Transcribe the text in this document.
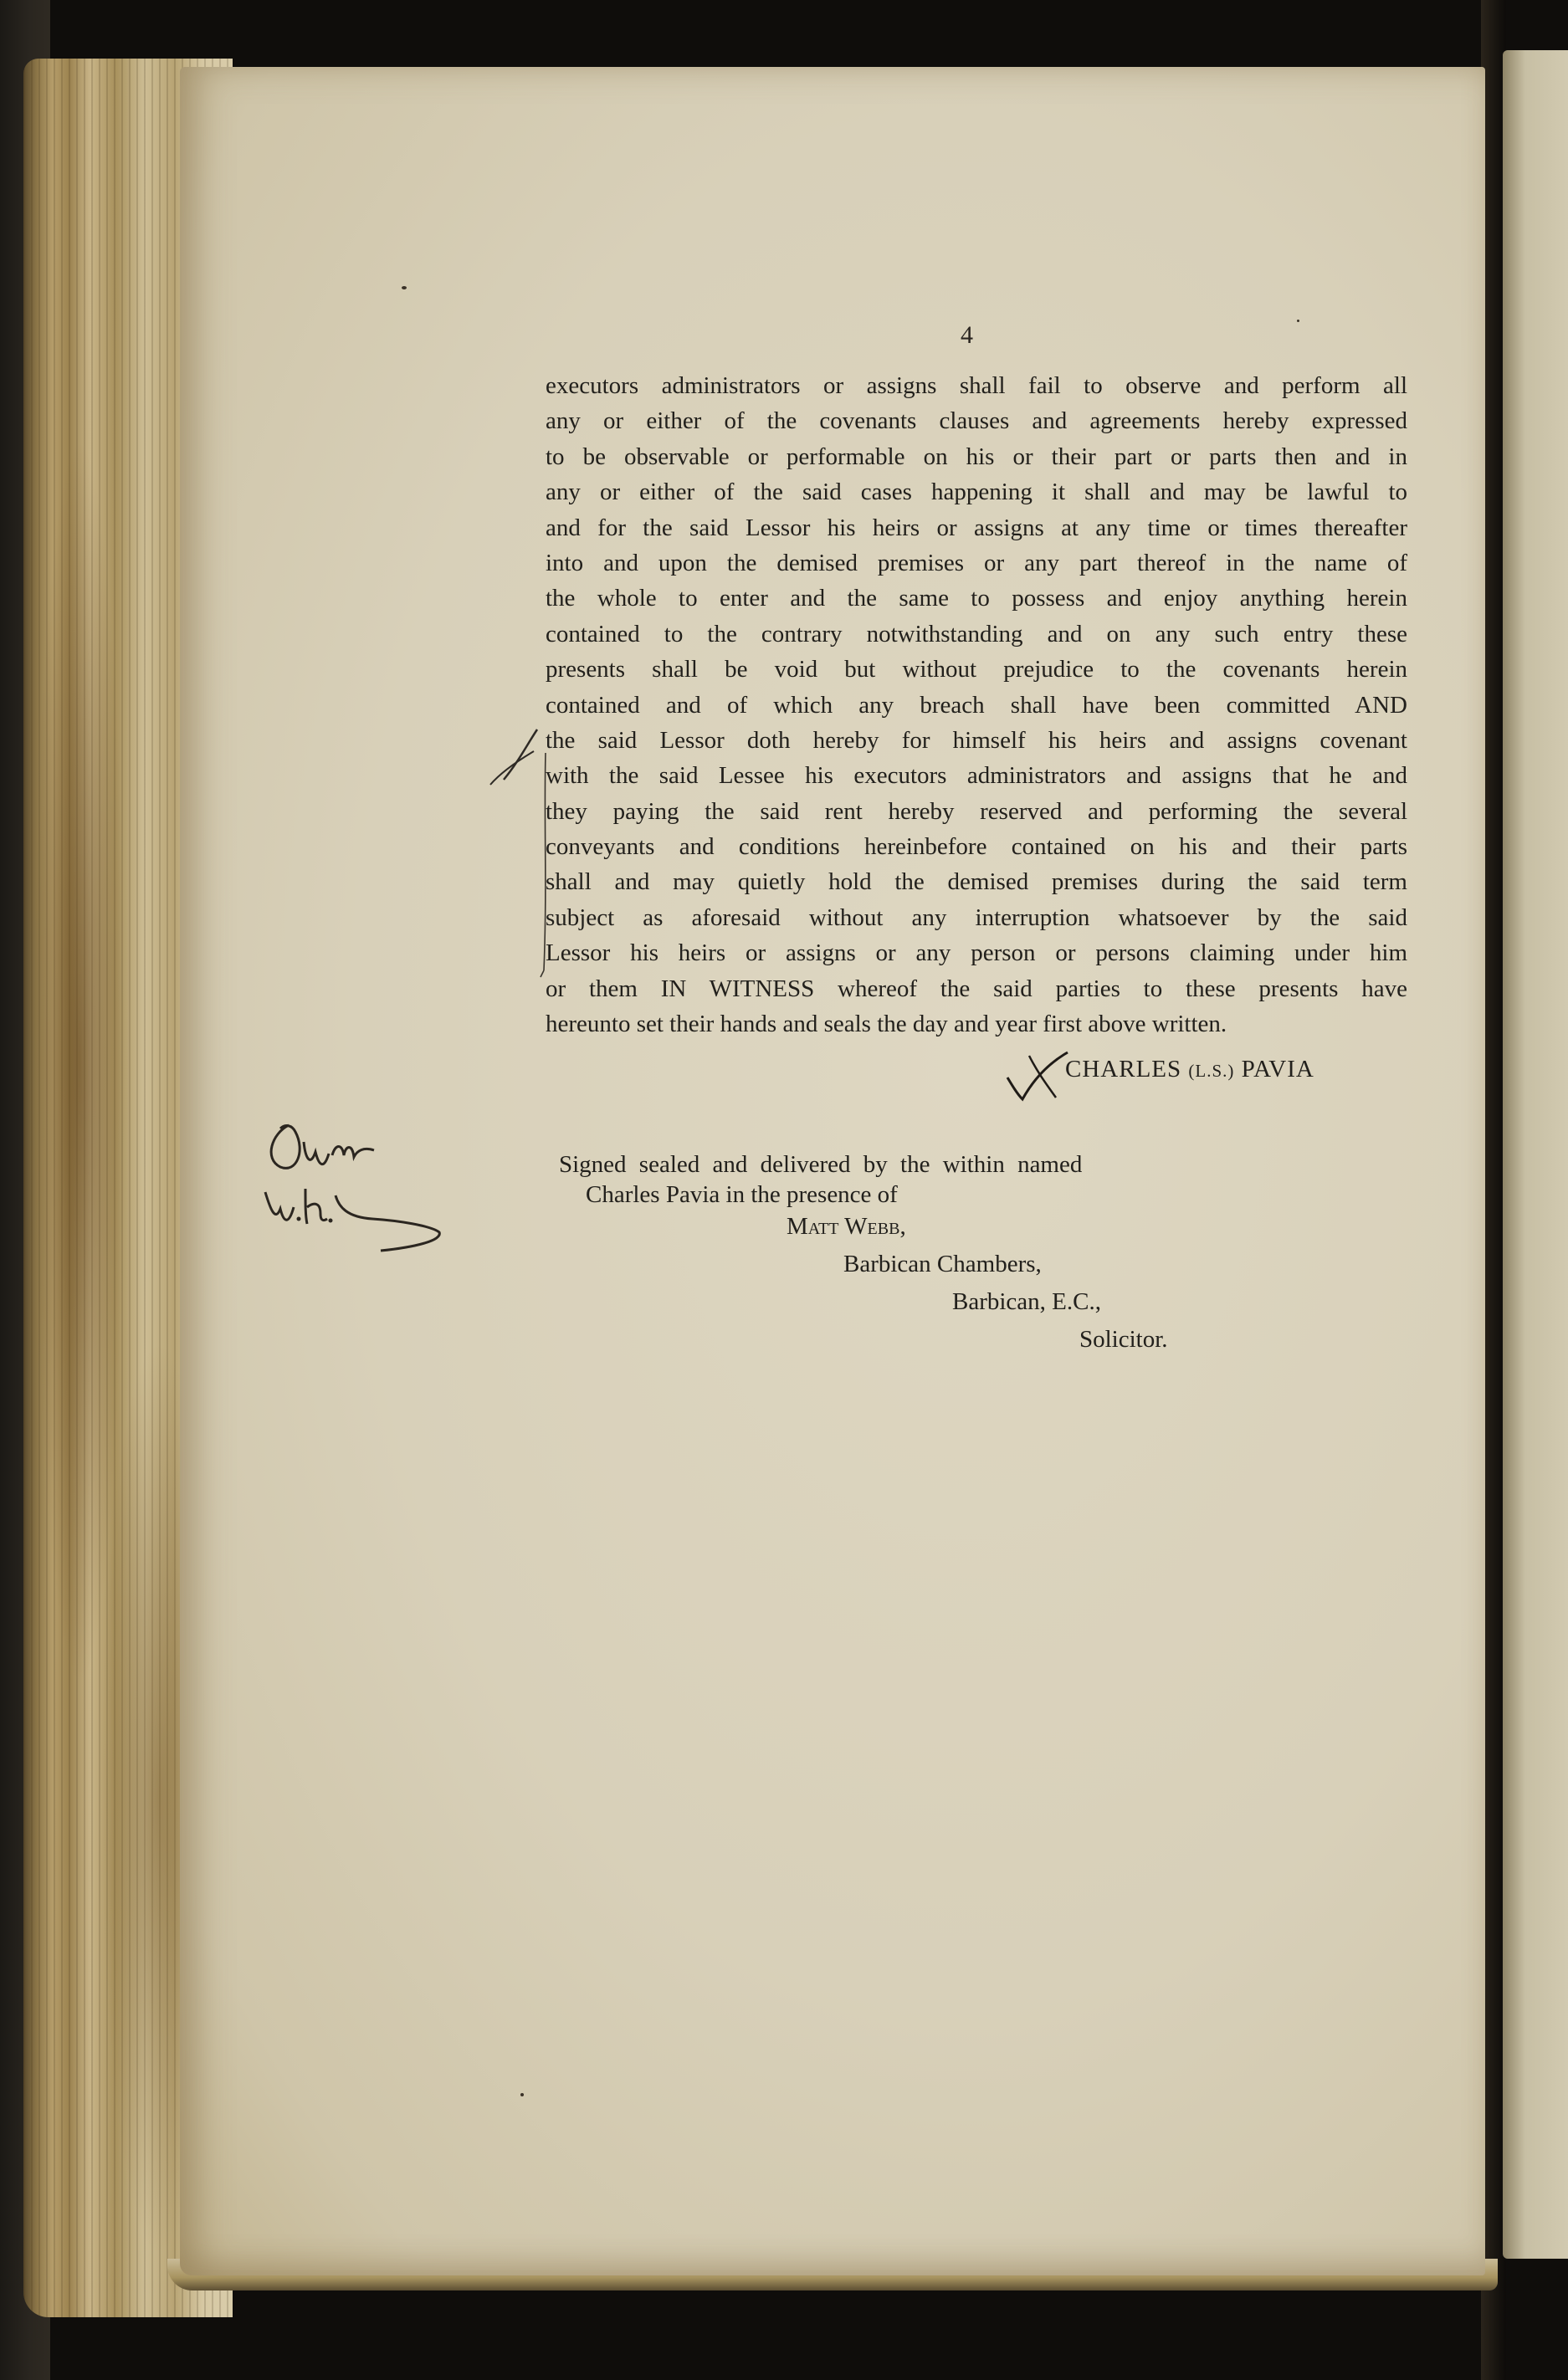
4
executors administrators or assigns shall fail to observe and perform all
any or either of the covenants clauses and agreements hereby expressed
to be observable or performable on his or their part or parts then and in
any or either of the said cases happening it shall and may be lawful to
and for the said Lessor his heirs or assigns at any time or times thereafter
into and upon the demised premises or any part thereof in the name of
the whole to enter and the same to possess and enjoy anything herein
contained to the contrary notwithstanding and on any such entry these
presents shall be void but without prejudice to the covenants herein
contained and of which any breach shall have been committed AND
the said Lessor doth hereby for himself his heirs and assigns covenant
with the said Lessee his executors administrators and assigns that he and
they paying the said rent hereby reserved and performing the several
conveyants and conditions hereinbefore contained on his and their parts
shall and may quietly hold the demised premises during the said term
subject as aforesaid without any interruption whatsoever by the said
Lessor his heirs or assigns or any person or persons claiming under him
or them IN WITNESS whereof the said parties to these presents have
hereunto set their hands and seals the day and year first above written.
CHARLES (L.S.) PAVIA
Signed sealed and delivered by the within named
Charles Pavia in the presence of
Matt Webb,
Barbican Chambers,
Barbican, E.C.,
Solicitor.
